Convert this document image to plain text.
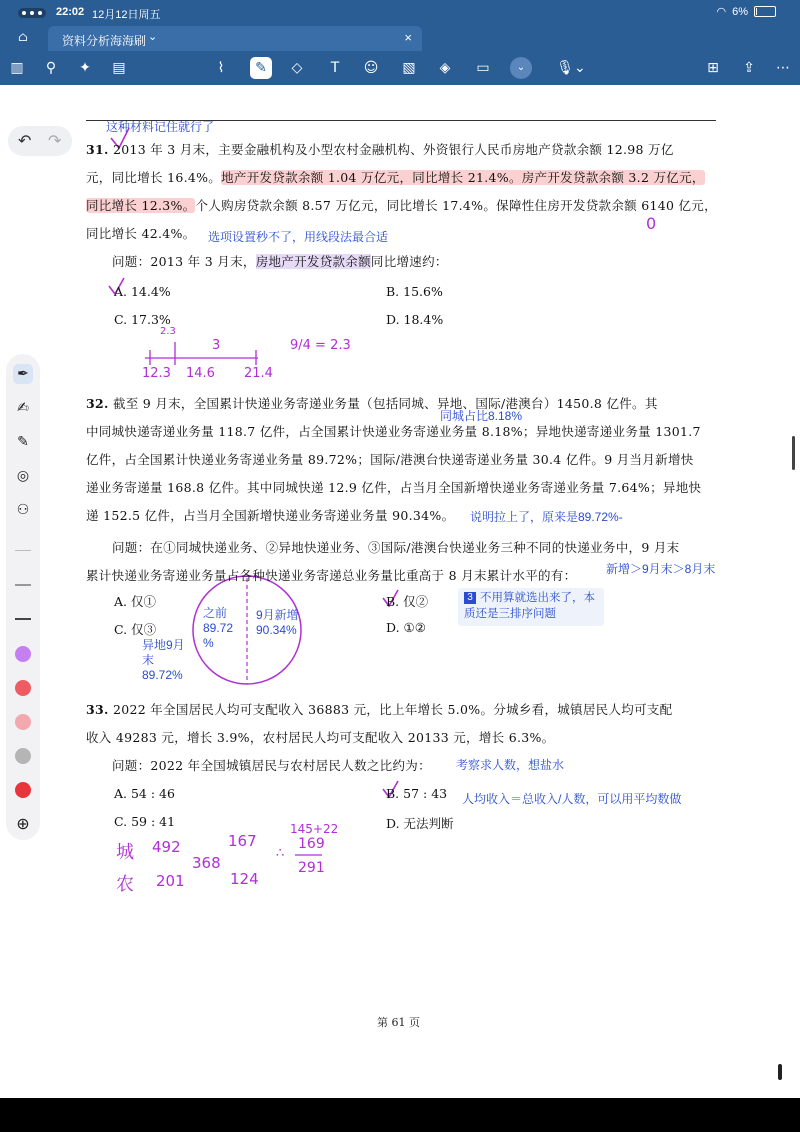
22:02 12月12日周五	◠ 6%
⌂	资料分析海海刷 ⌄	×
▥	⚲	✦	▤	⌇	✎	◇	T	☺	▧	◈	▭	⌄	🎙︎⌄	⊞	⇪	⋯
↶ ↷
✒
✍
✎
◎
⚇
⊕
这种材料记住就行了

31. 2013 年 3 月末，主要金融机构及小型农村金融机构、外资银行人民币房地产贷款余额 12.98 万亿

元，同比增长 16.4%。地产开发贷款余额 1.04 万亿元，同比增长 21.4%。房产开发贷款余额 3.2 万亿元，

同比增长 12.3%。个人购房贷款余额 8.57 万亿元，同比增长 17.4%。保障性住房开发贷款余额 6140 亿元，

同比增长 42.4%。

问题：2013 年 3 月末，房地产开发贷款余额同比增速约：

选项设置秒不了，用线段法最合适
0
A. 14.4%	B. 15.6%
C. 17.3%	D. 18.4%
2.3
3
12.3 14.6 21.4
9/4 = 2.3
同城占比8.18%

32. 截至 9 月末，全国累计快递业务寄递业务量（包括同城、异地、国际/港澳台）1450.8 亿件。其

中同城快递寄递业务量 118.7 亿件，占全国累计快递业务寄递业务量 8.18%；异地快递寄递业务量 1301.7

亿件，占全国累计快递业务寄递业务量 89.72%；国际/港澳台快递寄递业务量 30.4 亿件。9 月当月新增快

递业务寄递量 168.8 亿件。其中同城快递 12.9 亿件，占当月全国新增快递业务寄递业务量 7.64%；异地快

递 152.5 亿件，占当月全国新增快递业务寄递业务量 90.34%。

问题：在①同城快递业务、②异地快递业务、③国际/港澳台快递业务三种不同的快递业务中，9 月末

累计快递业务寄递业务量占各种快递业务寄递总业务量比重高于 8 月末累计水平的有：

说明拉上了，原来是89.72%-
新增＞9月末＞8月末
A. 仅①	B. 仅②
C. 仅③	D. ①②
3 不用算就选出来了，本质还是三排序问题
之前
89.72
%
9月新增
90.34%
异地9月末
89.72%

33. 2022 年全国居民人均可支配收入 36883 元，比上年增长 5.0%。分城乡看，城镇居民人均可支配

收入 49283 元，增长 3.9%，农村居民人均可支配收入 20133 元，增长 6.3%。

问题：2022 年全国城镇居民与农村居民人数之比约为：	考察求人数，想盐水
A. 54 : 46	B. 57 : 43 人均收入＝总收入/人数，可以用平均数做
C. 59 : 41	D. 无法判断
城
农
492
201
368
167
124
145+22
∴
169
291
第 61 页
